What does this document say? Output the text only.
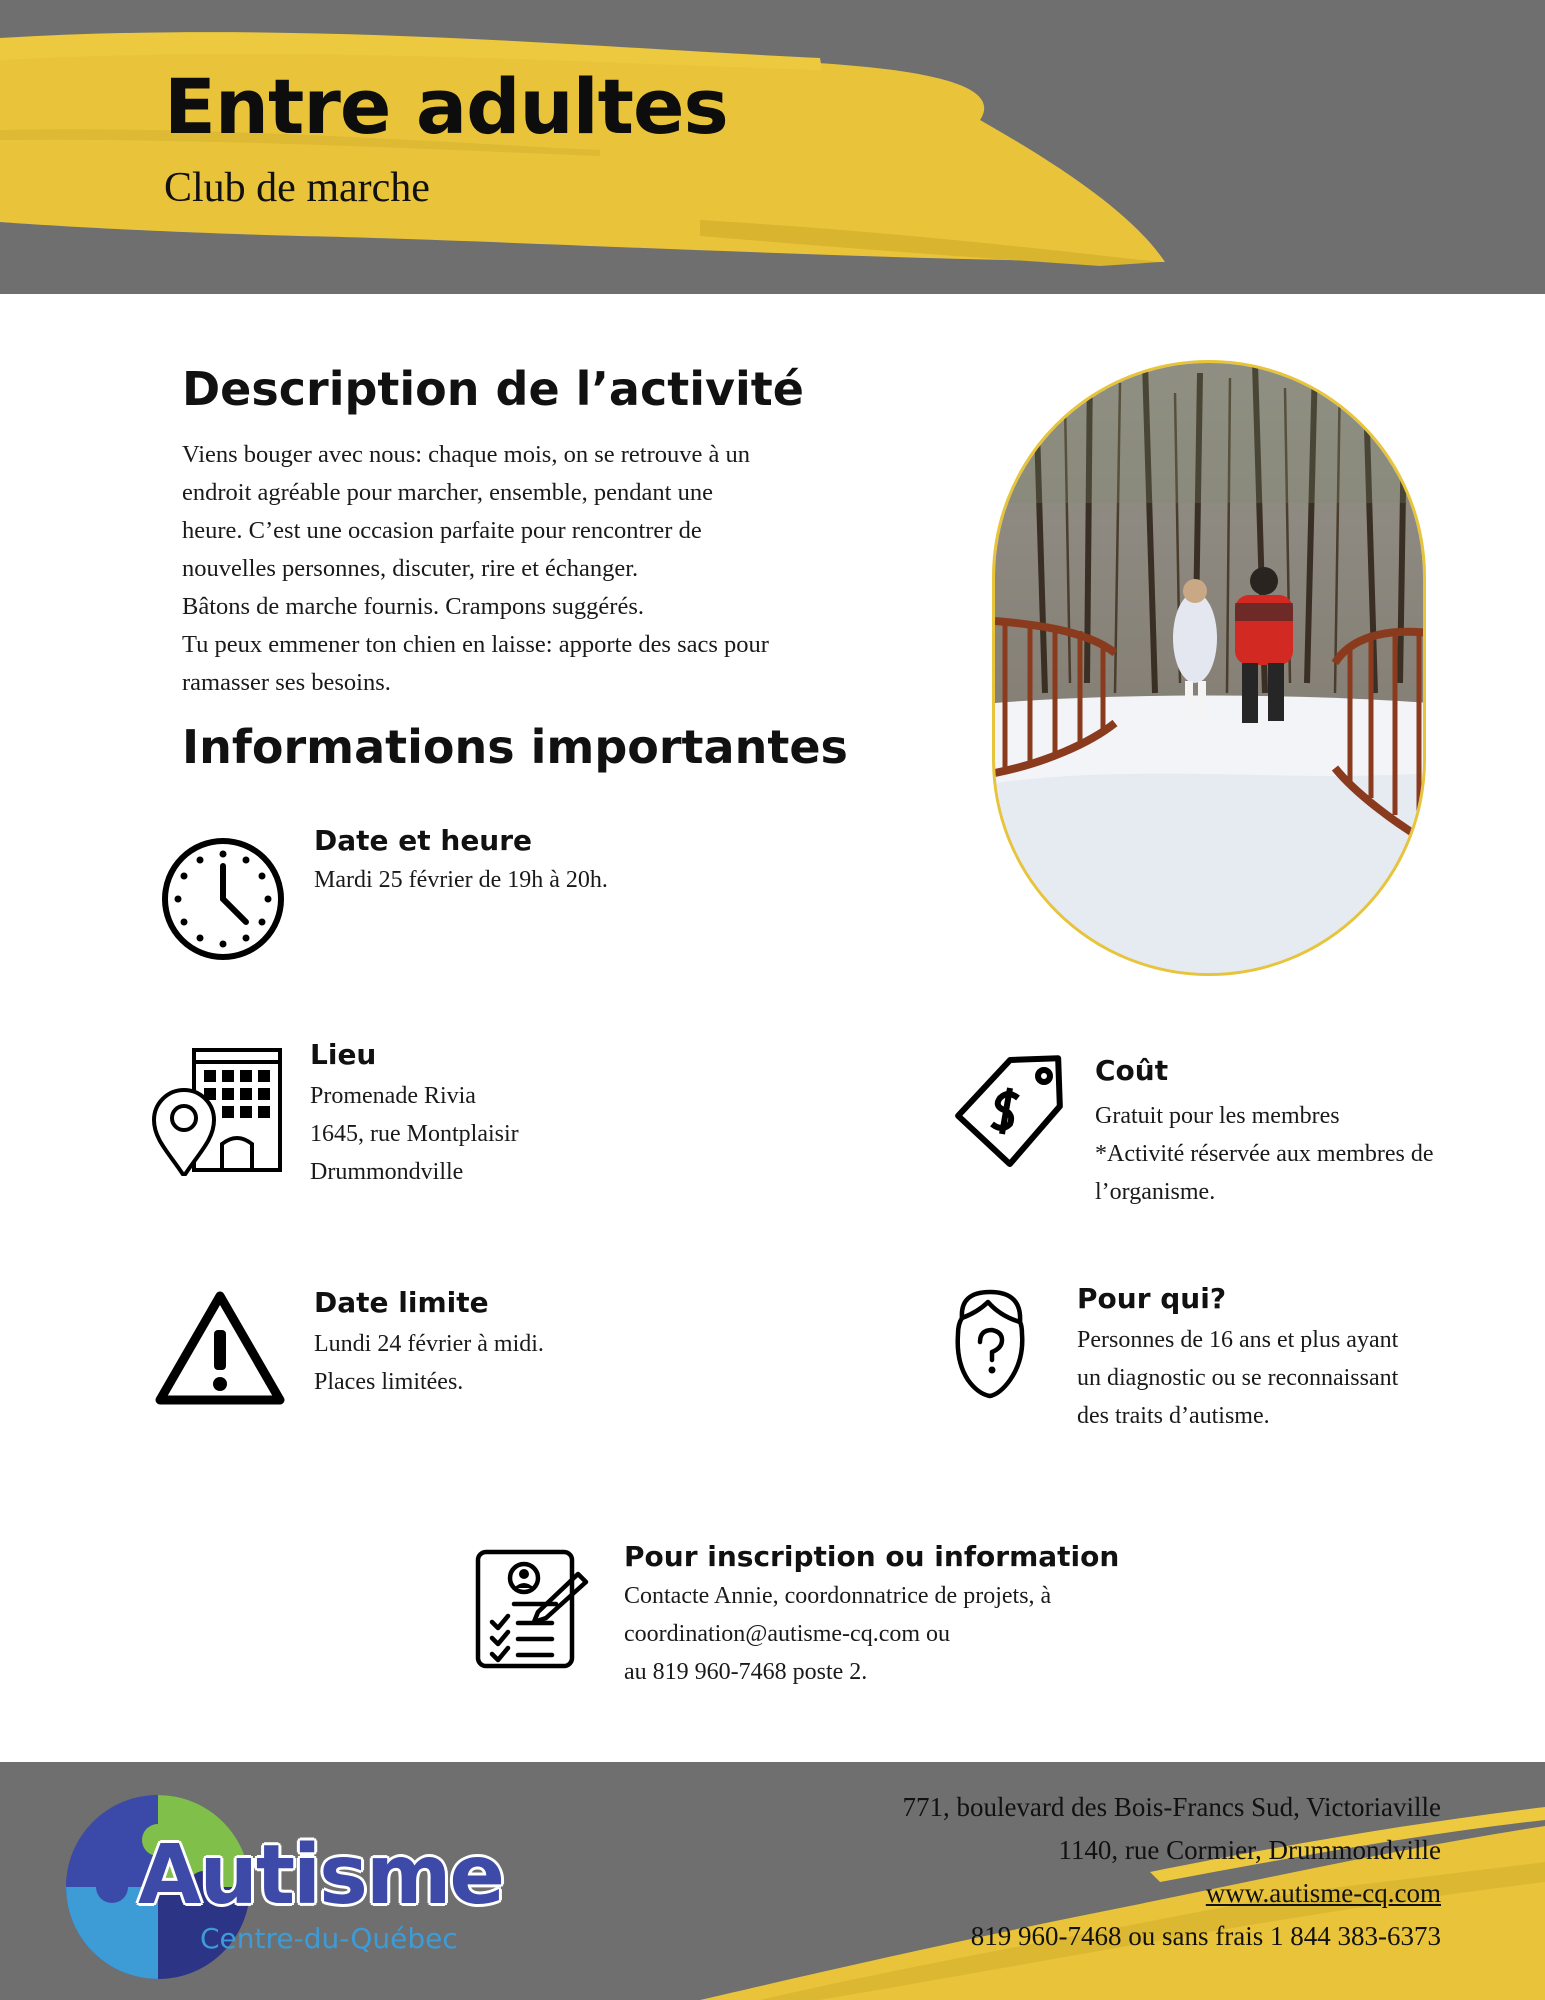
Entre adultes

Club de marche

Description de l’activité
Viens bouger avec nous: chaque mois, on se retrouve à un
endroit agréable pour marcher, ensemble, pendant une
heure. C’est une occasion parfaite pour rencontrer de
nouvelles personnes, discuter, rire et échanger.
Bâtons de marche fournis. Crampons suggérés.
Tu peux emmener ton chien en laisse: apporte des sacs pour
ramasser ses besoins.
Informations importantes

Date et heure

Mardi 25 février de 19h à 20h.

Lieu

Promenade Rivia
1645, rue Montplaisir
Drummondville

Coût

Gratuit pour les membres
*Activité réservée aux membres de
l’organisme.

Date limite

Lundi 24 février à midi.
Places limitées.

Pour qui?

Personnes de 16 ans et plus ayant
un diagnostic ou se reconnaissant
des traits d’autisme.

Pour inscription ou information

Contacte Annie, coordonnatrice de projets, à
coordination@autisme-cq.com ou
au 819 960-7468 poste 2.
Autisme
Centre-du-Québec
771, boulevard des Bois-Francs Sud, Victoriaville
1140, rue Cormier, Drummondville
www.autisme-cq.com
819 960-7468 ou sans frais 1 844 383-6373
